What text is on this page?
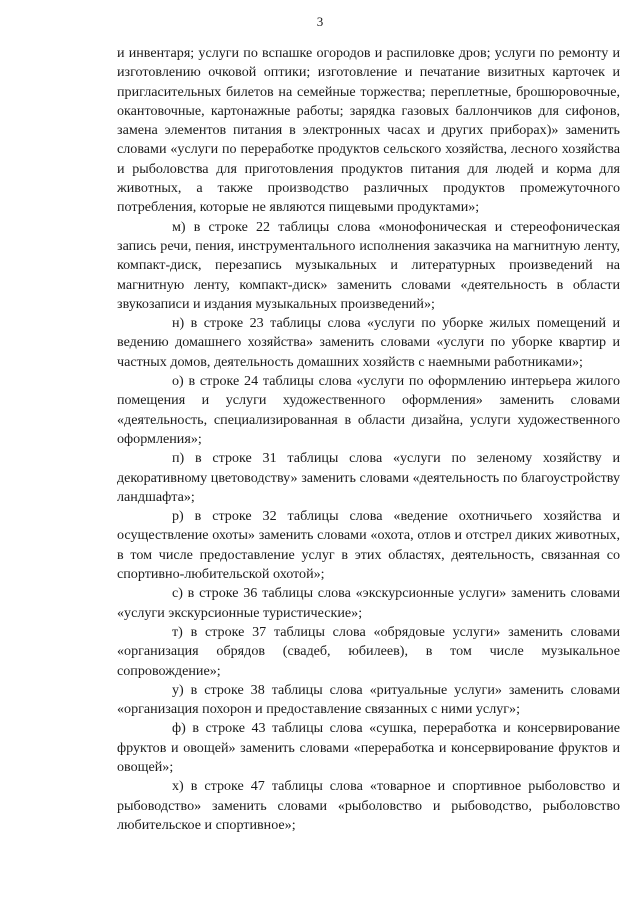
3

и инвентаря; услуги по вспашке огородов и распиловке дров; услуги по ремонту и изготовлению очковой оптики; изготовление и печатание визитных карточек и пригласительных билетов на семейные торжества; переплетные, брошюровочные, окантовочные, картонажные работы; зарядка газовых баллончиков для сифонов, замена элементов питания в электронных часах и других приборах)» заменить словами «услуги по переработке продуктов сельского хозяйства, лесного хозяйства и рыболовства для приготовления продуктов питания для людей и корма для животных, а также производство различных продуктов промежуточного потребления, которые не являются пищевыми продуктами»;

м) в строке 22 таблицы слова «монофоническая и стереофоническая запись речи, пения, инструментального исполнения заказчика на магнитную ленту, компакт-диск, перезапись музыкальных и литературных произведений на магнитную ленту, компакт-диск» заменить словами «деятельность в области звукозаписи и издания музыкальных произведений»;

н) в строке 23 таблицы слова «услуги по уборке жилых помещений и ведению домашнего хозяйства» заменить словами «услуги по уборке квартир и частных домов, деятельность домашних хозяйств с наемными работниками»;

о) в строке 24 таблицы слова «услуги по оформлению интерьера жилого помещения и услуги художественного оформления» заменить словами «деятельность, специализированная в области дизайна, услуги художественного оформления»;

п) в строке 31 таблицы слова «услуги по зеленому хозяйству и декоративному цветоводству» заменить словами «деятельность по благоустройству ландшафта»;

р) в строке 32 таблицы слова «ведение охотничьего хозяйства и осуществление охоты» заменить словами «охота, отлов и отстрел диких животных, в том числе предоставление услуг в этих областях, деятельность, связанная со спортивно-любительской охотой»;

с) в строке 36 таблицы слова «экскурсионные услуги» заменить словами «услуги экскурсионные туристические»;

т) в строке 37 таблицы слова «обрядовые услуги» заменить словами «организация обрядов (свадеб, юбилеев), в том числе музыкальное сопровождение»;

у) в строке 38 таблицы слова «ритуальные услуги» заменить словами «организация похорон и предоставление связанных с ними услуг»;

ф) в строке 43 таблицы слова «сушка, переработка и консервирование фруктов и овощей» заменить словами «переработка и консервирование фруктов и овощей»;

х) в строке 47 таблицы слова «товарное и спортивное рыболовство и рыбоводство» заменить словами «рыболовство и рыбоводство, рыболовство любительское и спортивное»;
